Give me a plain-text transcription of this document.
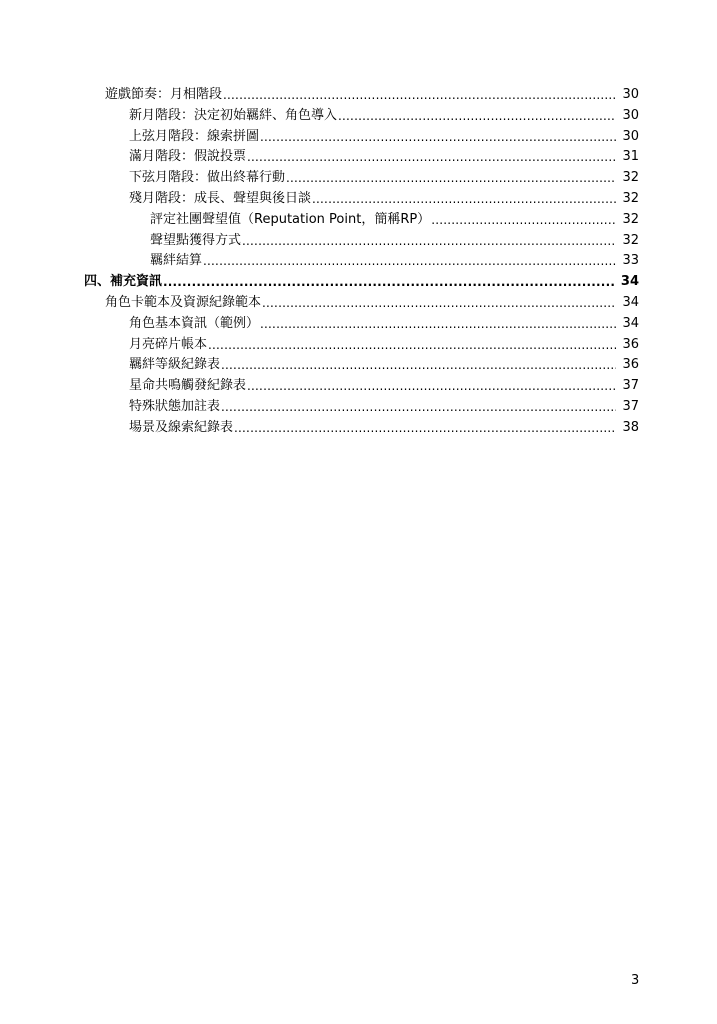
遊戲節奏：月相階段 .....	30
新月階段：決定初始羈絆、角色導入 .....	30
上弦月階段：線索拼圖 .....	30
滿月階段：假說投票 .....	31
下弦月階段：做出終幕行動 .....	32
殘月階段：成長、聲望與後日談 .....	32
評定社團聲望值（Reputation Point，簡稱RP） .....	32
聲望點獲得方式 .....	32
羈絆結算 .....	33
四、補充資訊 .....	34
角色卡範本及資源紀錄範本 .....	34
角色基本資訊（範例） .....	34
月亮碎片帳本 .....	36
羈絆等級紀錄表 .....	36
星命共鳴觸發紀錄表 .....	37
特殊狀態加註表 .....	37
場景及線索紀錄表 .....	38
3
